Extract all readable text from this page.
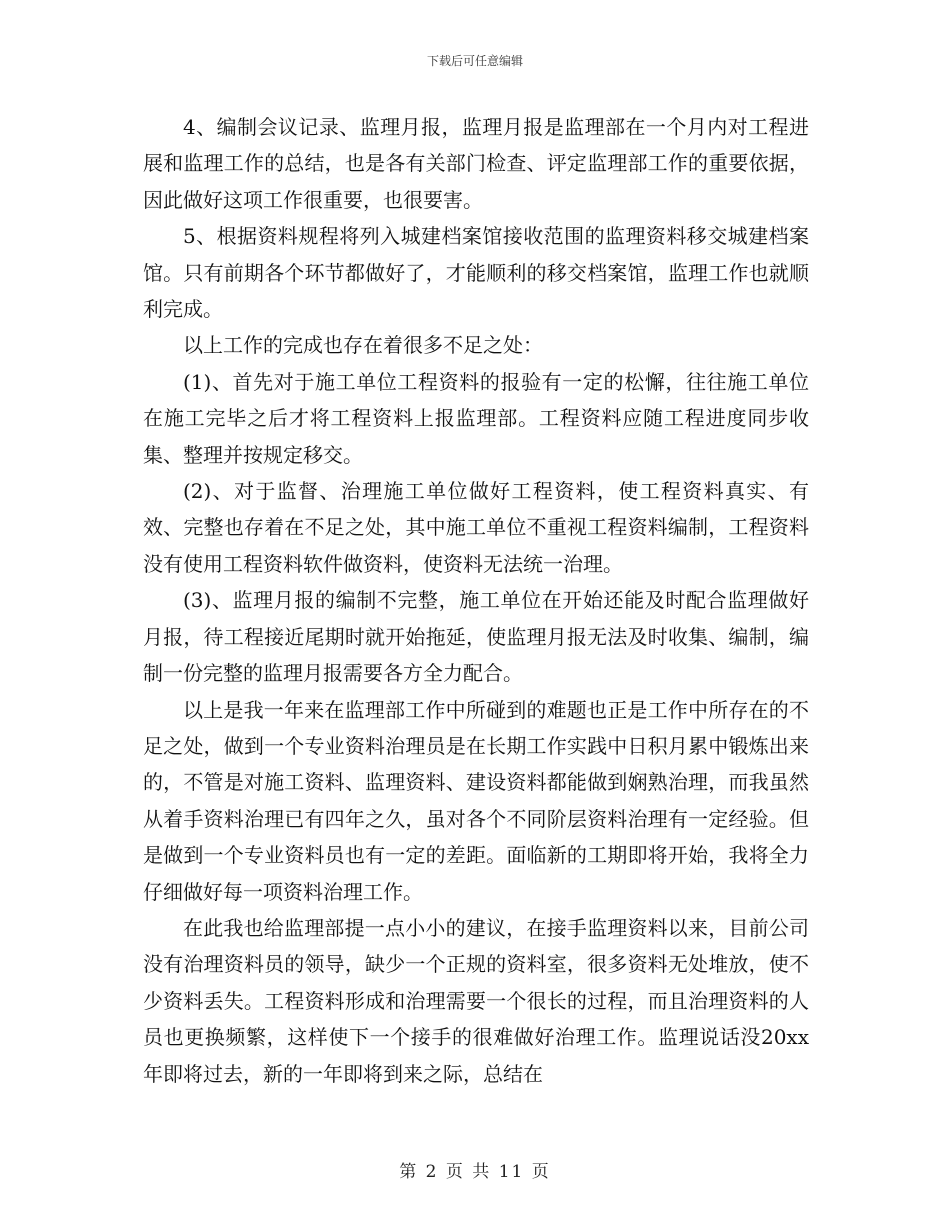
下载后可任意编辑

4、编制会议记录、监理月报，监理月报是监理部在一个月内对工程进展和监理工作的总结，也是各有关部门检查、评定监理部工作的重要依据，因此做好这项工作很重要，也很要害。

5、根据资料规程将列入城建档案馆接收范围的监理资料移交城建档案馆。只有前期各个环节都做好了，才能顺利的移交档案馆，监理工作也就顺利完成。

以上工作的完成也存在着很多不足之处：

(1)、首先对于施工单位工程资料的报验有一定的松懈，往往施工单位在施工完毕之后才将工程资料上报监理部。工程资料应随工程进度同步收集、整理并按规定移交。

(2)、对于监督、治理施工单位做好工程资料，使工程资料真实、有效、完整也存着在不足之处，其中施工单位不重视工程资料编制，工程资料没有使用工程资料软件做资料，使资料无法统一治理。

(3)、监理月报的编制不完整，施工单位在开始还能及时配合监理做好月报，待工程接近尾期时就开始拖延，使监理月报无法及时收集、编制，编制一份完整的监理月报需要各方全力配合。

以上是我一年来在监理部工作中所碰到的难题也正是工作中所存在的不足之处，做到一个专业资料治理员是在长期工作实践中日积月累中锻炼出来的，不管是对施工资料、监理资料、建设资料都能做到娴熟治理，而我虽然从着手资料治理已有四年之久，虽对各个不同阶层资料治理有一定经验。但是做到一个专业资料员也有一定的差距。面临新的工期即将开始，我将全力仔细做好每一项资料治理工作。

在此我也给监理部提一点小小的建议，在接手监理资料以来，目前公司没有治理资料员的领导，缺少一个正规的资料室，很多资料无处堆放，使不少资料丢失。工程资料形成和治理需要一个很长的过程，而且治理资料的人员也更换频繁，这样使下一个接手的很难做好治理工作。监理说话没20xx年即将过去，新的一年即将到来之际，总结在

第 2 页 共 11 页
